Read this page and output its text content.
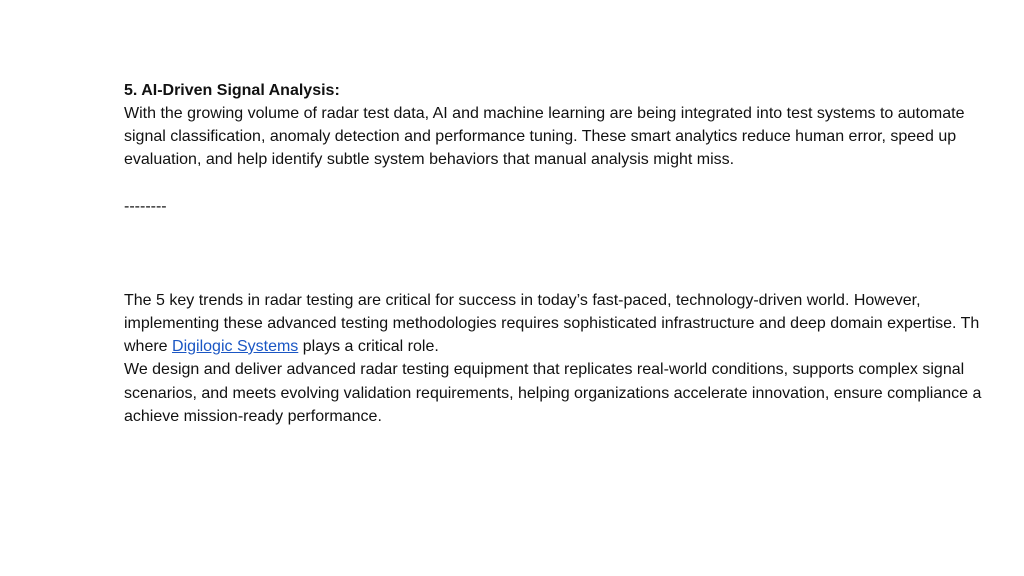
5. AI-Driven Signal Analysis:
With the growing volume of radar test data, AI and machine learning are being integrated into test systems to automate
signal classification, anomaly detection and performance tuning. These smart analytics reduce human error, speed up
evaluation, and help identify subtle system behaviors that manual analysis might miss.
--------
The 5 key trends in radar testing are critical for success in today’s fast-paced, technology-driven world. However,
implementing these advanced testing methodologies requires sophisticated infrastructure and deep domain expertise. Th
where Digilogic Systems plays a critical role.
We design and deliver advanced radar testing equipment that replicates real-world conditions, supports complex signal
scenarios, and meets evolving validation requirements, helping organizations accelerate innovation, ensure compliance a
achieve mission-ready performance.
